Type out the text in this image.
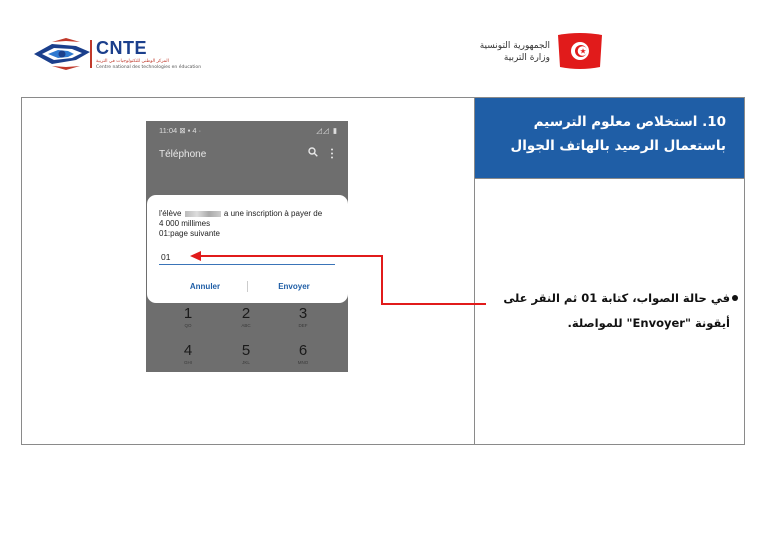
CNTE
المركز الوطني للتكنولوجيات في التربية
Centre national des technologies en éducation
الجمهورية التونسية
وزارة التربية
10. استخلاص معلوم الترسيم باستعمال الرصيد بالهاتف الجوال
في حالة الصواب، كتابة 01 ثم النقر على أيقونة "Envoyer" للمواصلة.
11:04 ⊠ ▪ 4 ·	◿◿ ▮
Téléphone
l'élève	a une inscription à payer de
4 000 millimes
01:page suivante
01
Annuler	Envoyer
1
QO
2
ABC
3
DEF
4
GHI
5
JKL
6
MNO
